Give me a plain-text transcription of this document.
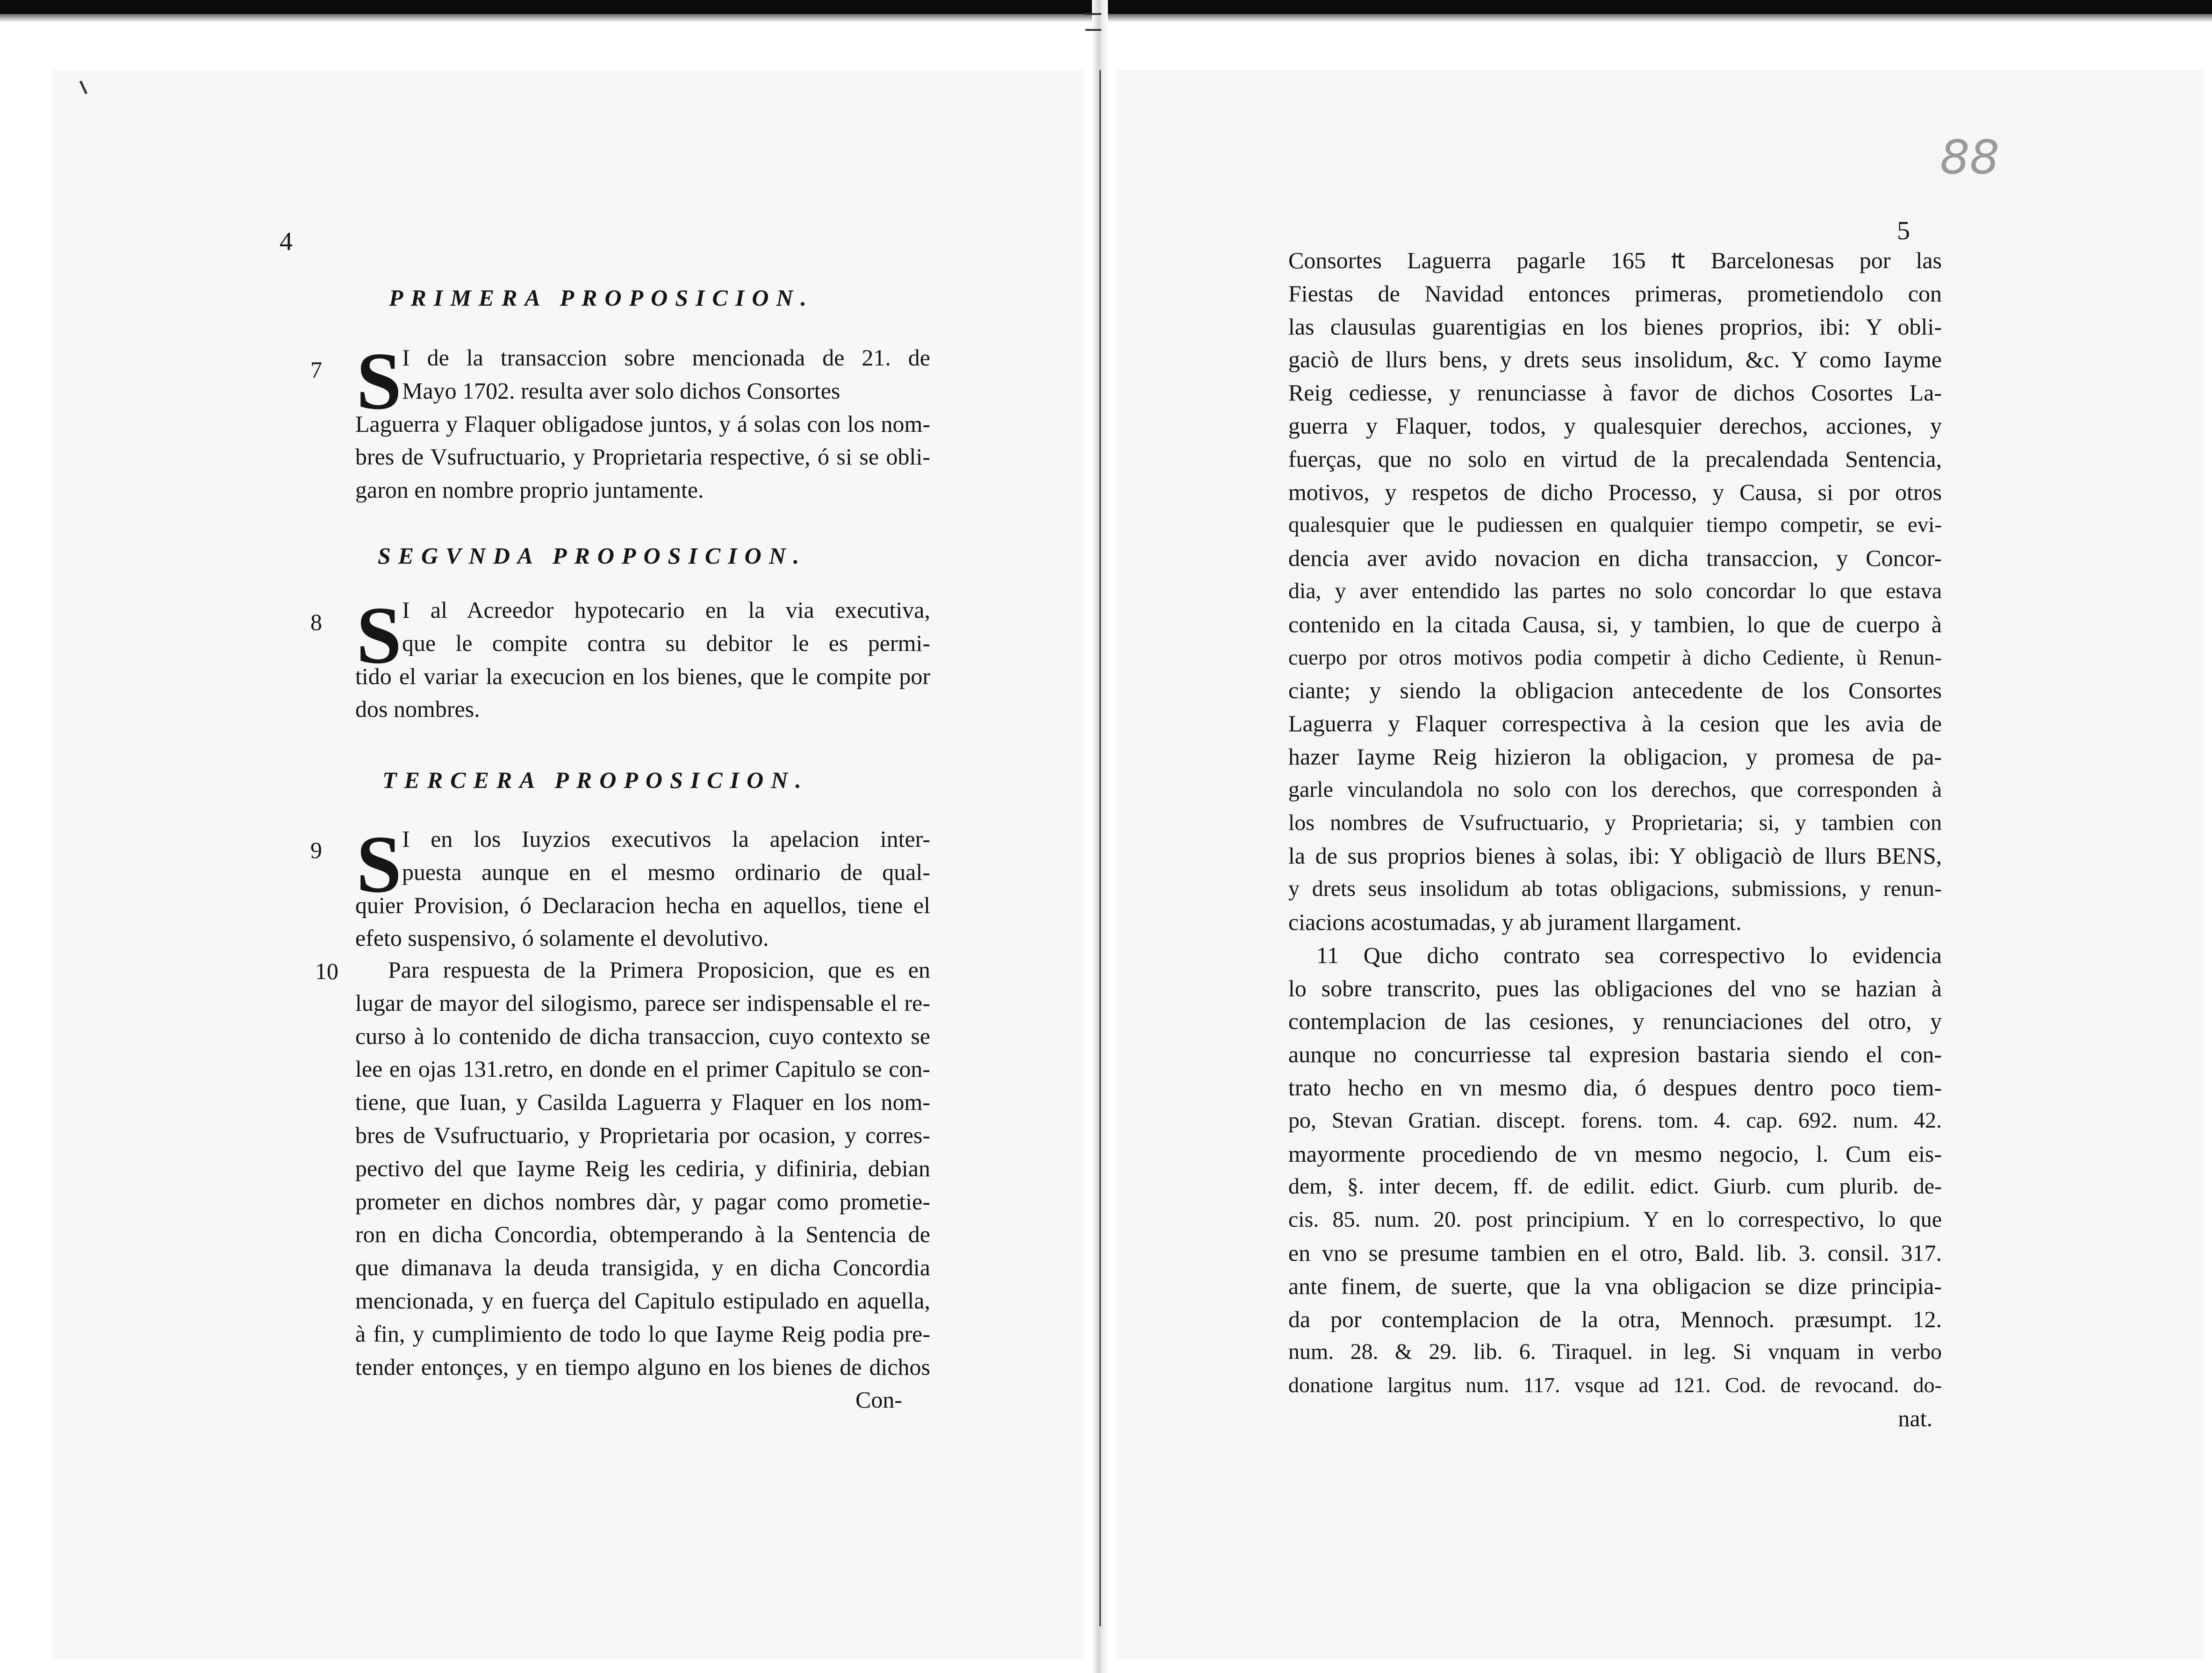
4
PRIMERA PROPOSICION.
7 S I de la transaccion sobre mencionada de 21. de

Mayo 1702. resulta aver solo dichos Consortes

Laguerra y Flaquer obligadose juntos, y á solas con los nom-

bres de Vsufructuario, y Proprietaria respective, ó si se obli-

garon en nombre proprio juntamente.

SEGVNDA PROPOSICION.
8 S I al Acreedor hypotecario en la via executiva,

que le compite contra su debitor le es permi-

tido el variar la execucion en los bienes, que le compite por

dos nombres.

TERCERA PROPOSICION.
9 S I en los Iuyzios executivos la apelacion inter-

puesta aunque en el mesmo ordinario de qual-

quier Provision, ó Declaracion hecha en aquellos, tiene el

efeto suspensivo, ó solamente el devolutivo.

10 Para respuesta de la Primera Proposicion, que es en

lugar de mayor del silogismo, parece ser indispensable el re-

curso à lo contenido de dicha transaccion, cuyo contexto se

lee en ojas 131.retro, en donde en el primer Capitulo se con-

tiene, que Iuan, y Casilda Laguerra y Flaquer en los nom-

bres de Vsufructuario, y Proprietaria por ocasion, y corres-

pectivo del que Iayme Reig les cediria, y difiniria, debian

prometer en dichos nombres dàr, y pagar como prometie-

ron en dicha Concordia, obtemperando à la Sentencia de

que dimanava la deuda transigida, y en dicha Concordia

mencionada, y en fuerça del Capitulo estipulado en aquella,

à fin, y cumplimiento de todo lo que Iayme Reig podia pre-

tender entonçes, y en tiempo alguno en los bienes de dichos

Con-

88
5

Consortes Laguerra pagarle 165 ₶ Barcelonesas por las

Fiestas de Navidad entonces primeras, prometiendolo con

las clausulas guarentigias en los bienes proprios, ibi: Y obli-

gaciò de llurs bens, y drets seus insolidum, &c. Y como Iayme

Reig cediesse, y renunciasse à favor de dichos Cosortes La-

guerra y Flaquer, todos, y qualesquier derechos, acciones, y

fuerças, que no solo en virtud de la precalendada Sentencia,

motivos, y respetos de dicho Processo, y Causa, si por otros

qualesquier que le pudiessen en qualquier tiempo competir, se evi-

dencia aver avido novacion en dicha transaccion, y Concor-

dia, y aver entendido las partes no solo concordar lo que estava

contenido en la citada Causa, si, y tambien, lo que de cuerpo à

cuerpo por otros motivos podia competir à dicho Cediente, ù Renun-

ciante; y siendo la obligacion antecedente de los Consortes

Laguerra y Flaquer correspectiva à la cesion que les avia de

hazer Iayme Reig hizieron la obligacion, y promesa de pa-

garle vinculandola no solo con los derechos, que corresponden à

los nombres de Vsufructuario, y Proprietaria; si, y tambien con

la de sus proprios bienes à solas, ibi: Y obligaciò de llurs BENS,

y drets seus insolidum ab totas obligacions, submissions, y renun-

ciacions acostumadas, y ab jurament llargament.

11 Que dicho contrato sea correspectivo lo evidencia

lo sobre transcrito, pues las obligaciones del vno se hazian à

contemplacion de las cesiones, y renunciaciones del otro, y

aunque no concurriesse tal expresion bastaria siendo el con-

trato hecho en vn mesmo dia, ó despues dentro poco tiem-

po, Stevan Gratian. discept. forens. tom. 4. cap. 692. num. 42.

mayormente procediendo de vn mesmo negocio, l. Cum eis-

dem, §. inter decem, ff. de edilit. edict. Giurb. cum plurib. de-

cis. 85. num. 20. post principium. Y en lo correspectivo, lo que

en vno se presume tambien en el otro, Bald. lib. 3. consil. 317.

ante finem, de suerte, que la vna obligacion se dize principia-

da por contemplacion de la otra, Mennoch. præsumpt. 12.

num. 28. & 29. lib. 6. Tiraquel. in leg. Si vnquam in verbo

donatione largitus num. 117. vsque ad 121. Cod. de revocand. do-

nat.
